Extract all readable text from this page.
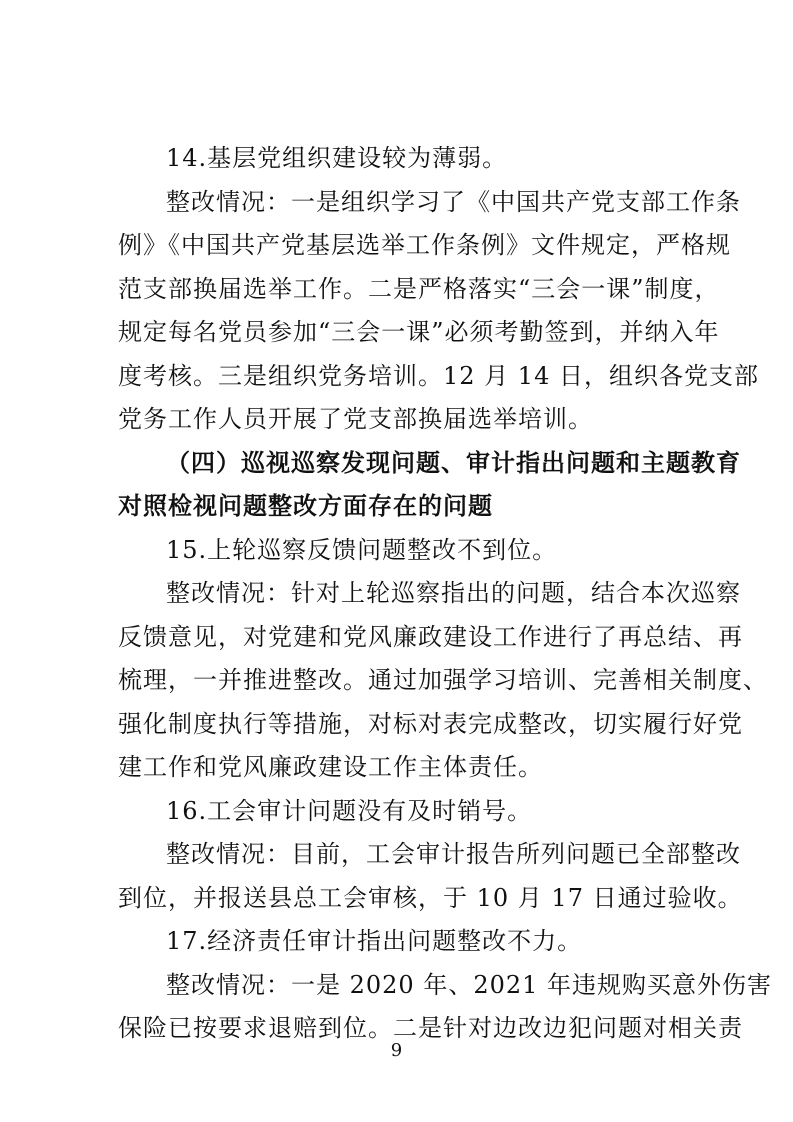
14.基层党组织建设较为薄弱。
整改情况：一是组织学习了《中国共产党支部工作条
例》《中国共产党基层选举工作条例》文件规定，严格规
范支部换届选举工作。二是严格落实“三会一课”制度，
规定每名党员参加“三会一课”必须考勤签到，并纳入年
度考核。三是组织党务培训。12 月 14 日，组织各党支部
党务工作人员开展了党支部换届选举培训。
（四）巡视巡察发现问题、审计指出问题和主题教育
对照检视问题整改方面存在的问题
15.上轮巡察反馈问题整改不到位。
整改情况：针对上轮巡察指出的问题，结合本次巡察
反馈意见，对党建和党风廉政建设工作进行了再总结、再
梳理，一并推进整改。通过加强学习培训、完善相关制度、
强化制度执行等措施，对标对表完成整改，切实履行好党
建工作和党风廉政建设工作主体责任。
16.工会审计问题没有及时销号。
整改情况：目前，工会审计报告所列问题已全部整改
到位，并报送县总工会审核，于 10 月 17 日通过验收。
17.经济责任审计指出问题整改不力。
整改情况：一是 2020 年、2021 年违规购买意外伤害
保险已按要求退赔到位。二是针对边改边犯问题对相关责
9
